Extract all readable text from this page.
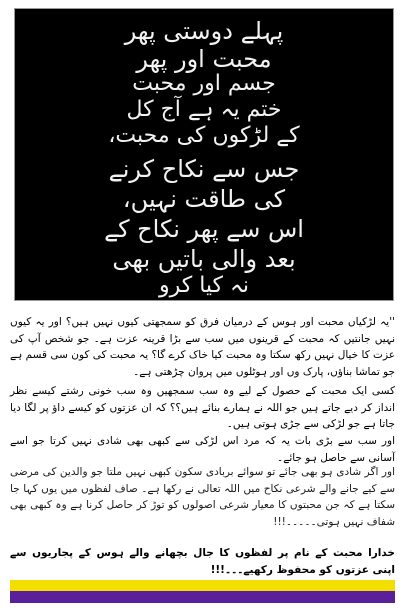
پہلے دوستی پھر
محبت اور پھر
جسم اور محبت
ختم یہ ہے آج کل
کے لڑکوں کی محبت،
جس سے نکاح کرنے
کی طاقت نہیں،
اس سے پھر نکاح کے
بعد والی باتیں بھی
نہ کیا کرو
''یہ لڑکیاں محبت اور ہوس کے درمیان فرق کو سمجھتی کیوں نہیں ہیں؟ اور یہ کیوں نہیں جانتیں کہ محبت کے قرینوں میں سب سے بڑا قرینہ عزت ہے۔ جو شخص آپ کی عزت کا خیال نہیں رکھ سکتا وہ محبت کیا خاک کرے گا؟ یہ محبت کی کون سی قسم ہے جو تماشا بناؤں، پارک وں اور ہوٹلوں میں پروان چڑھتی ہے۔
کسی ایک محبت کے حصول کے لیے وہ سب سمجھیں وہ سب خونی رشتے کیسے نظر انداز کر دیے جاتے ہیں جو اللہ نے ہمارے بنائے ہیں؟؟ کہ ان عزتوں کو کیسے داؤ پر لگا دیا جاتا ہے جو لڑکی سے جڑی ہوتی ہیں۔
اور سب سے بڑی بات یہ کہ مرد اس لڑکی سے کبھی بھی شادی نہیں کرتا جو اسے آسانی سے حاصل ہو جائے۔
اور اگر شادی ہو بھی جائے تو سوائے بربادی سکون کبھی نہیں ملتا جو والدین کی مرضی سے کیے جانے والے شرعی نکاح میں اللہ تعالی نے رکھا ہے۔ صاف لفظوں میں یوں کہا جا سکتا ہے کہ جن محبتوں کا معیار شرعی اصولوں کو توڑ کر حاصل کرنا ہے وہ کبھی بھی شفاف نہیں ہوتی۔۔۔۔۔!!!
خدارا محبت کے نام پر لفظوں کا جال بچھانے والے ہوس کے پجاریوں سے اپنی عزتوں کو محفوظ رکھیے۔۔۔!!!
